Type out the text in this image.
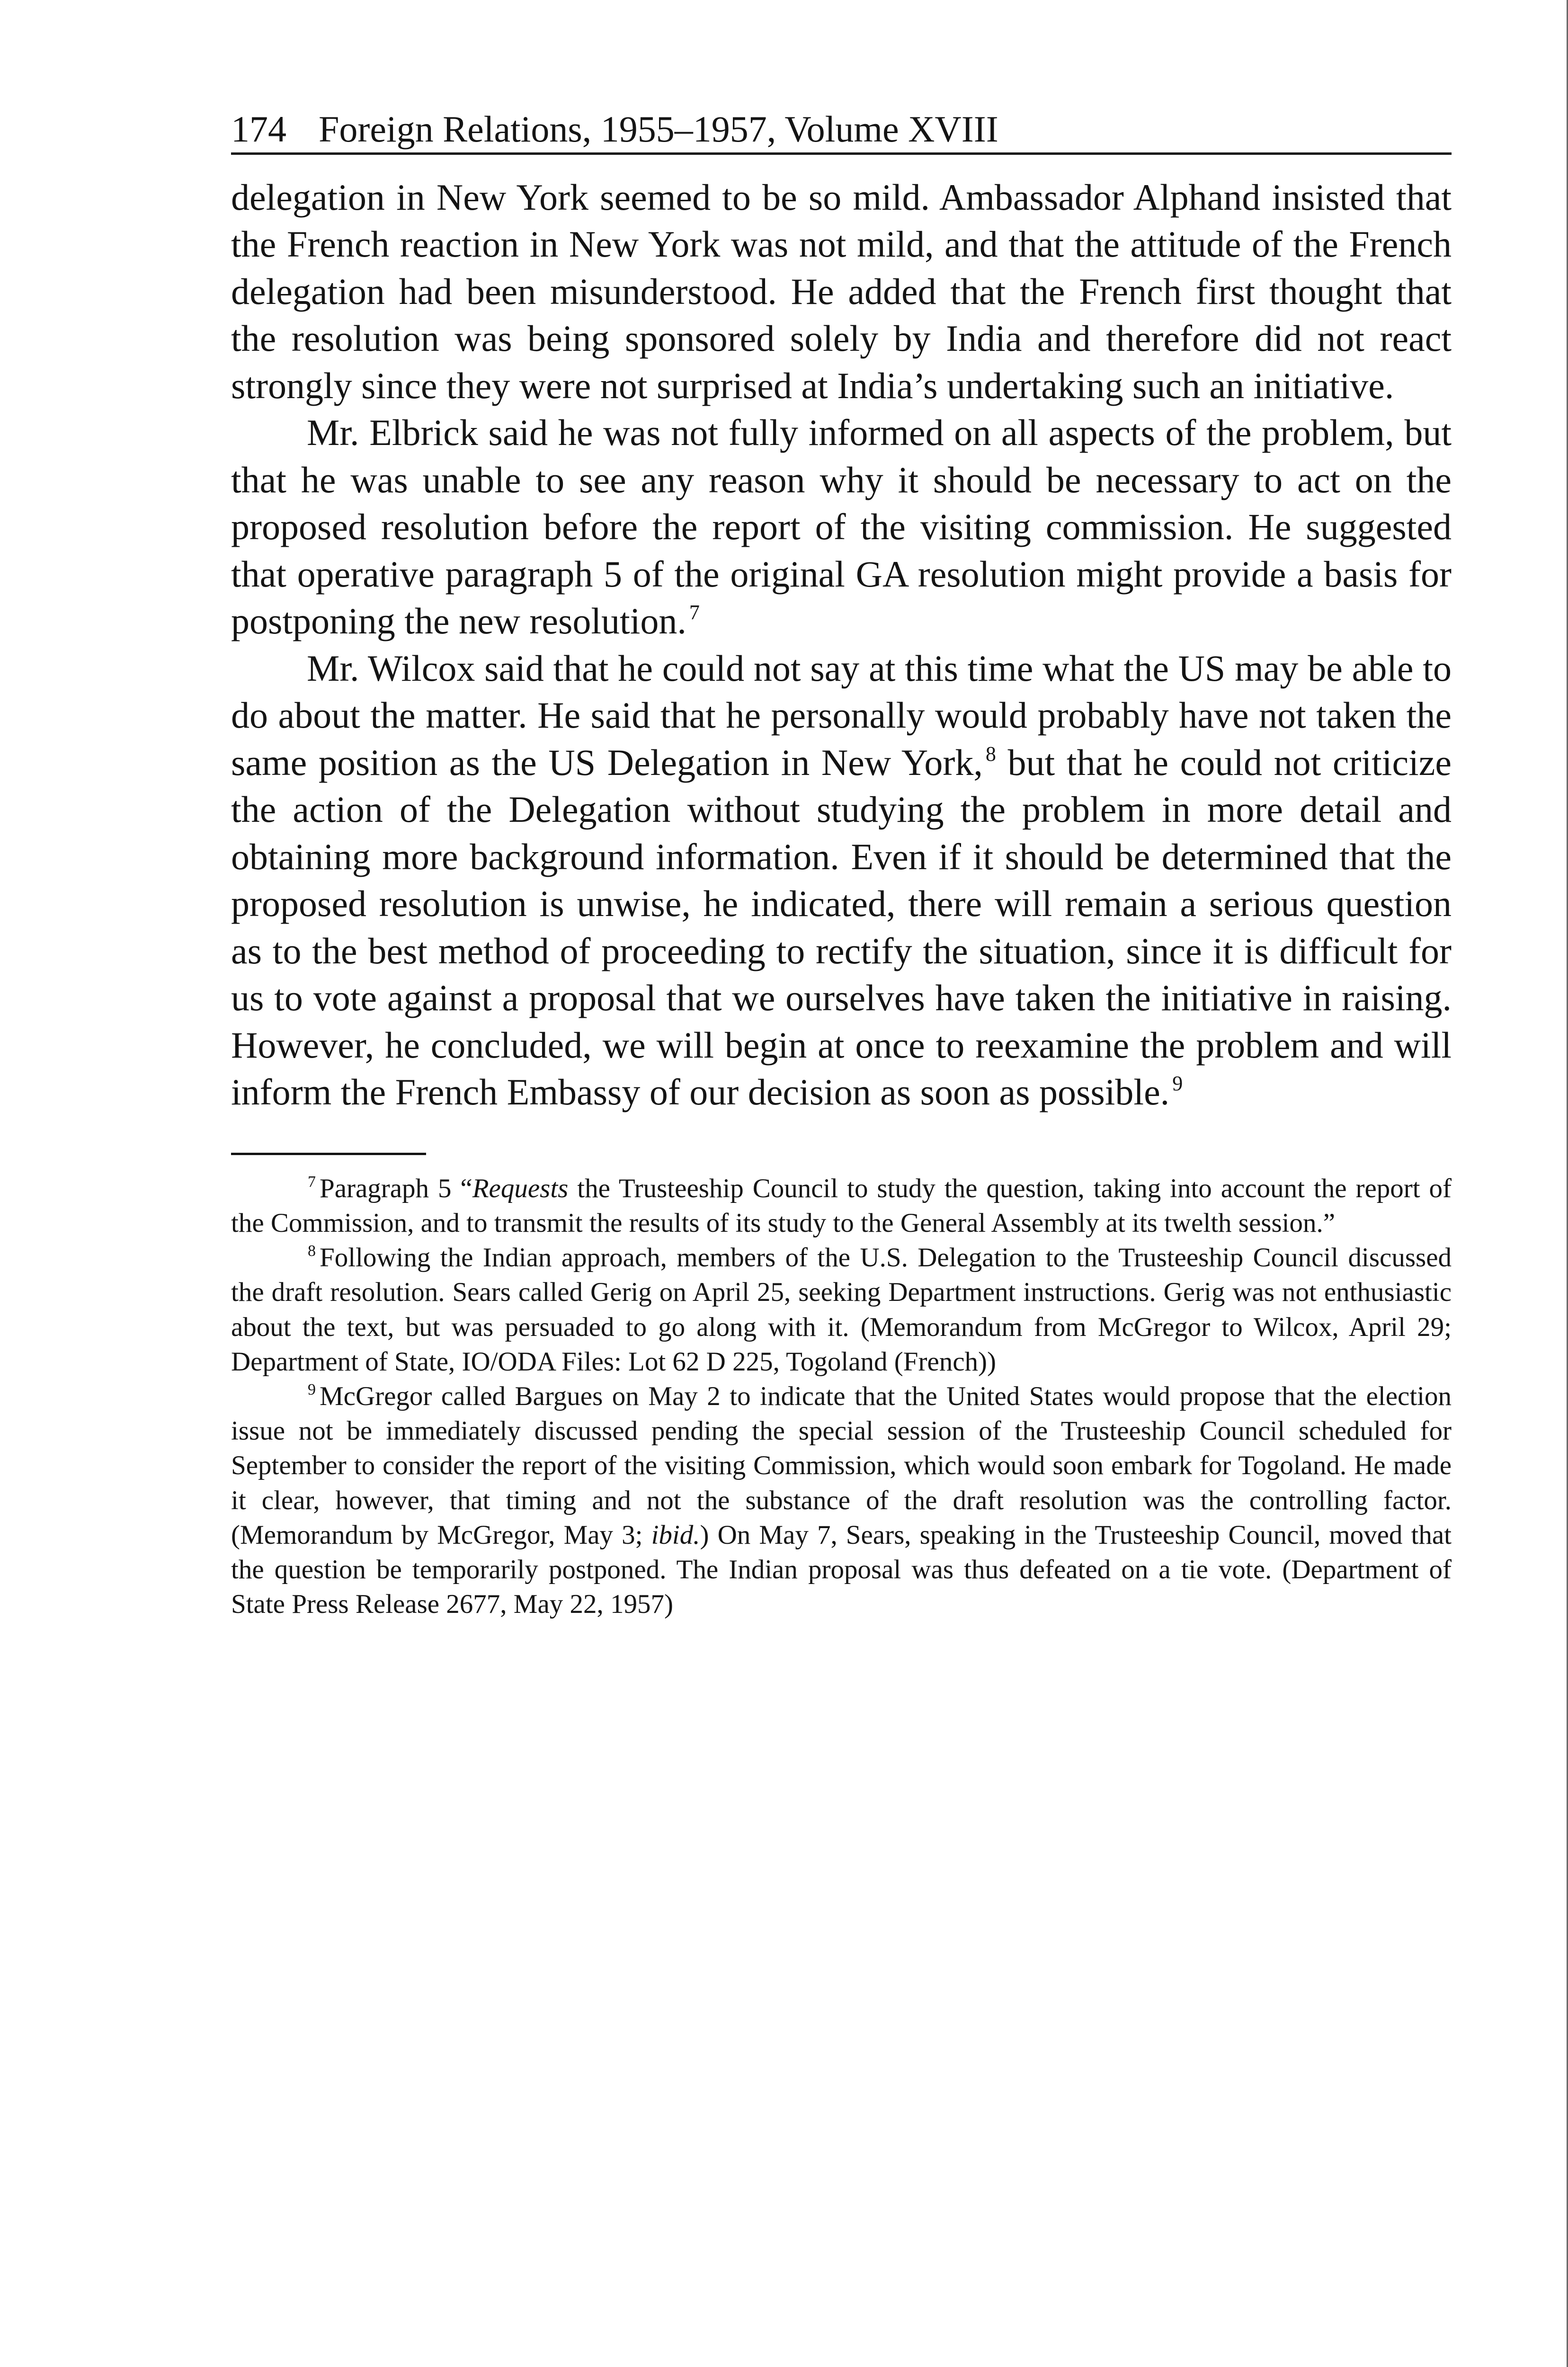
174 Foreign Relations, 1955–1957, Volume XVIII

delegation in New York seemed to be so mild. Ambassador Alphand insisted that the French reaction in New York was not mild, and that the attitude of the French delegation had been misunderstood. He added that the French first thought that the resolution was being sponsored solely by India and therefore did not react strongly since they were not surprised at India’s undertaking such an initiative.

Mr. Elbrick said he was not fully informed on all aspects of the problem, but that he was unable to see any reason why it should be necessary to act on the proposed resolution before the report of the visiting commission. He suggested that operative paragraph 5 of the original GA resolution might provide a basis for postponing the new resolution. $^7$

Mr. Wilcox said that he could not say at this time what the US may be able to do about the matter. He said that he personally would probably have not taken the same position as the US Delegation in New York, $^8$ but that he could not criticize the action of the Delegation without studying the problem in more detail and obtaining more background information. Even if it should be determined that the proposed resolution is unwise, he indicated, there will remain a serious question as to the best method of proceeding to rectify the situation, since it is difficult for us to vote against a proposal that we ourselves have taken the initiative in raising. However, he concluded, we will begin at once to reexamine the problem and will inform the French Embassy of our decision as soon as possible. $^9$

$^7$ Paragraph 5 “Requests the Trusteeship Council to study the question, taking into account the report of the Commission, and to transmit the results of its study to the General Assembly at its twelth session.”

$^8$ Following the Indian approach, members of the U.S. Delegation to the Trusteeship Council discussed the draft resolution. Sears called Gerig on April 25, seeking Department instructions. Gerig was not enthusiastic about the text, but was persuaded to go along with it. (Memorandum from McGregor to Wilcox, April 29; Department of State, IO/ODA Files: Lot 62 D 225, Togoland (French))

$^9$ McGregor called Bargues on May 2 to indicate that the United States would propose that the election issue not be immediately discussed pending the special session of the Trusteeship Council scheduled for September to consider the report of the visiting Commission, which would soon embark for Togoland. He made it clear, however, that timing and not the substance of the draft resolution was the controlling factor. (Memorandum by McGregor, May 3; ibid.) On May 7, Sears, speaking in the Trusteeship Council, moved that the question be temporarily postponed. The Indian proposal was thus defeated on a tie vote. (Department of State Press Release 2677, May 22, 1957)
